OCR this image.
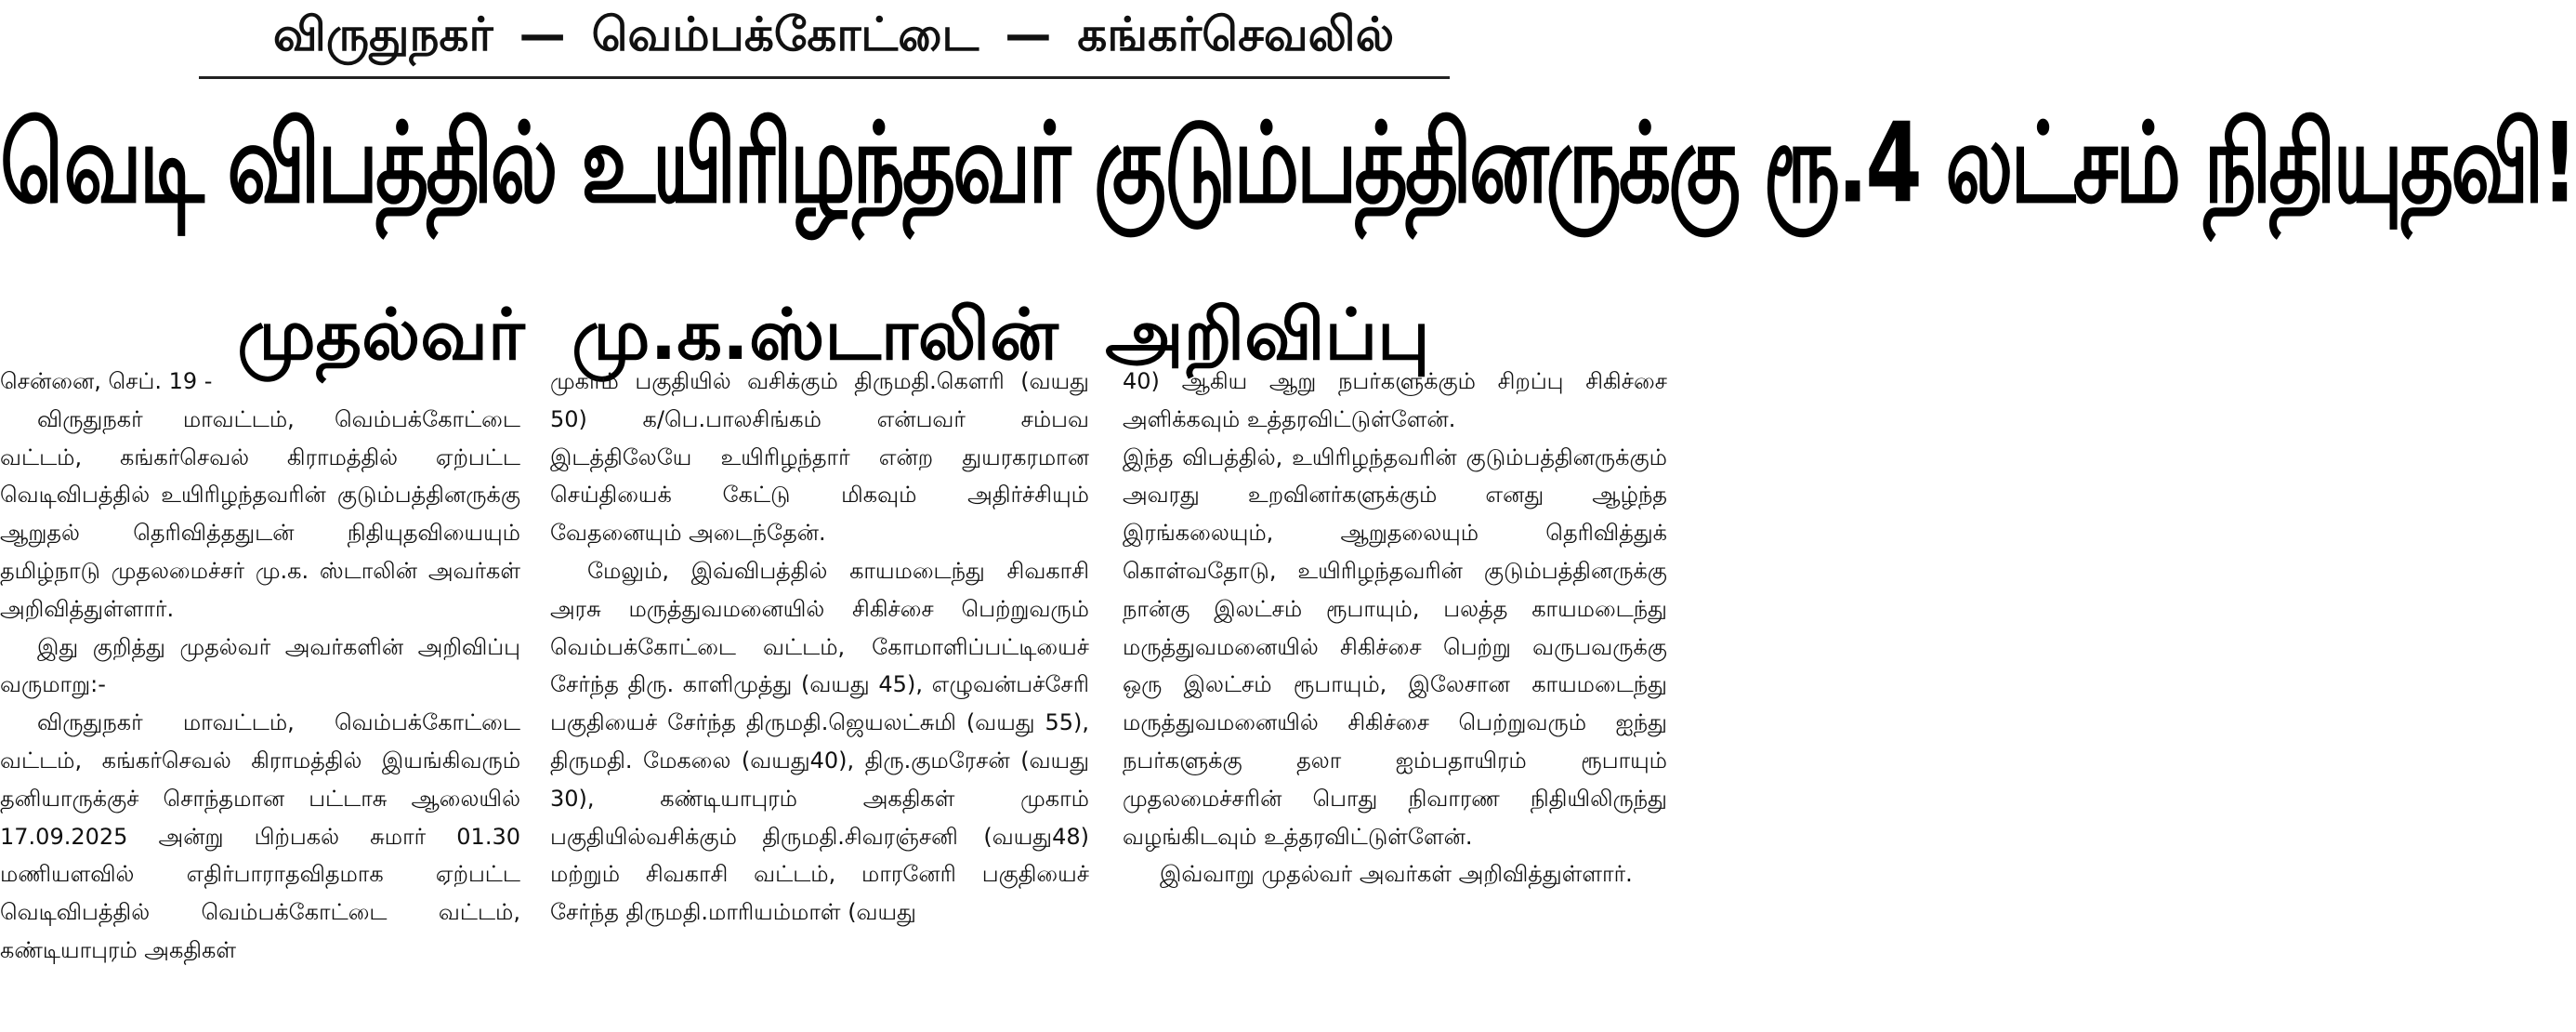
விருதுநகர் — வெம்பக்கோட்டை — கங்கர்செவலில்
வெடி விபத்தில் உயிரிழந்தவர் குடும்பத்தினருக்கு ரூ.4 லட்சம் நிதியுதவி!
முதல்வர் மு.க.ஸ்டாலின் அறிவிப்பு

சென்னை, செப். 19 -

விருதுநகர் மாவட்டம், வெம்பக்கோட்டை வட்டம், கங்கர்செவல் கிராமத்தில் ஏற்பட்ட வெடிவிபத்தில் உயிரிழந்தவரின் குடும்பத்தினருக்கு ஆறுதல் தெரிவித்ததுடன் நிதியுதவியையும் தமிழ்நாடு முதலமைச்சர் மு.க. ஸ்டாலின் அவர்கள் அறிவித்துள்ளார்.

இது குறித்து முதல்வர் அவர்களின் அறிவிப்பு வருமாறு:-

விருதுநகர் மாவட்டம், வெம்பக்கோட்டை வட்டம், கங்கர்செவல் கிராமத்தில் இயங்கிவரும் தனியாருக்குச் சொந்தமான பட்டாசு ஆலையில் 17.09.2025 அன்று பிற்பகல் சுமார் 01.30 மணியளவில் எதிர்பாராதவிதமாக ஏற்பட்ட வெடிவிபத்தில் வெம்பக்கோட்டை வட்டம், கண்டியாபுரம் அகதிகள்

முகாம் பகுதியில் வசிக்கும் திருமதி.கௌரி (வயது 50) க/பெ.பாலசிங்கம் என்பவர் சம்பவ இடத்திலேயே உயிரிழந்தார் என்ற துயரகரமான செய்தியைக் கேட்டு மிகவும் அதிர்ச்சியும் வேதனையும் அடைந்தேன்.

மேலும், இவ்விபத்தில் காயமடைந்து சிவகாசி அரசு மருத்துவமனையில் சிகிச்சை பெற்றுவரும் வெம்பக்கோட்டை வட்டம், கோமாளிப்பட்டியைச் சேர்ந்த திரு. காளிமுத்து (வயது 45), எழுவன்பச்சேரி பகுதியைச் சேர்ந்த திருமதி.ஜெயலட்சுமி (வயது 55), திருமதி. மேகலை (வயது40), திரு.குமரேசன் (வயது 30), கண்டியாபுரம் அகதிகள் முகாம் பகுதியில்வசிக்கும் திருமதி.சிவரஞ்சனி (வயது48) மற்றும் சிவகாசி வட்டம், மாரனேரி பகுதியைச் சேர்ந்த திருமதி.மாரியம்மாள் (வயது

40) ஆகிய ஆறு நபர்களுக்கும் சிறப்பு சிகிச்சை அளிக்கவும் உத்தரவிட்டுள்ளேன்.

இந்த விபத்தில், உயிரிழந்தவரின் குடும்பத்தினருக்கும் அவரது உறவினர்களுக்கும் எனது ஆழ்ந்த இரங்கலையும், ஆறுதலையும் தெரிவித்துக் கொள்வதோடு, உயிரிழந்தவரின் குடும்பத்தினருக்கு நான்கு இலட்சம் ரூபாயும், பலத்த காயமடைந்து மருத்துவமனையில் சிகிச்சை பெற்று வருபவருக்கு ஒரு இலட்சம் ரூபாயும், இலேசான காயமடைந்து மருத்துவமனையில் சிகிச்சை பெற்றுவரும் ஐந்து நபர்களுக்கு தலா ஐம்பதாயிரம் ரூபாயும் முதலமைச்சரின் பொது நிவாரண நிதியிலிருந்து வழங்கிடவும் உத்தரவிட்டுள்ளேன்.

இவ்வாறு முதல்வர் அவர்கள் அறிவித்துள்ளார்.
